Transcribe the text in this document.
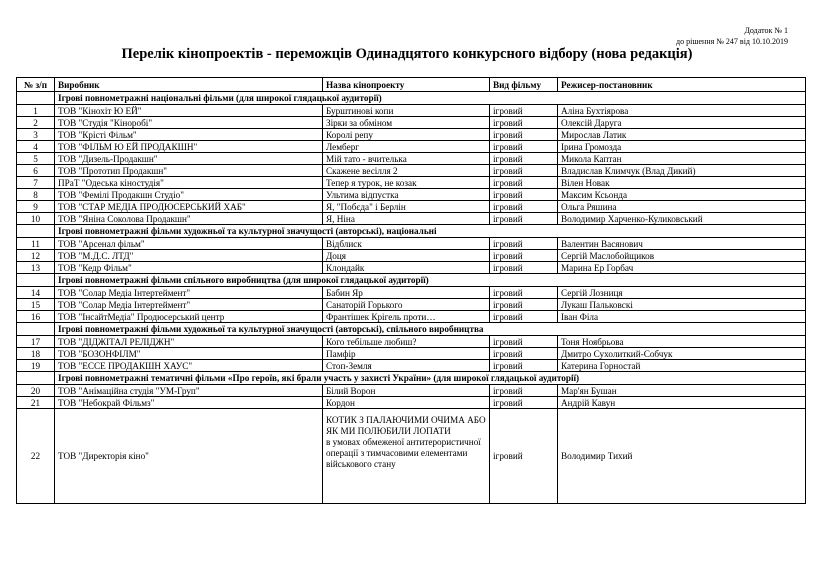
Додаток № 1
до рішення № 247 від 10.10.2019
Перелік кінопроектів - переможців Одинадцятого конкурсного відбору (нова редакція)
№ з/п	Виробник	Назва кінопроекту	Вид фільму	Режисер-постановник
	Ігрові повнометражні національні фільми (для широкої глядацької аудиторії)			
1	ТОВ "Кінохіт Ю ЕЙ"	Бурштинові копи	ігровий	Аліна Бухтіярова
2	ТОВ "Студія "Кіноробі"	Зірки за обміном	ігровий	Олексій Даруга
3	ТОВ "Крісті Фільм"	Королі репу	ігровий	Мирослав Латик
4	ТОВ "ФІЛЬМ Ю ЕЙ ПРОДАКШН"	Лемберг	ігровий	Ірина Громозда
5	ТОВ "Дизель-Продакшн"	Мій тато - вчителька	ігровий	Микола Каптан
6	ТОВ "Прототип Продакшн"	Скажене весілля 2	ігровий	Владислав Климчук (Влад Дикий)
7	ПРаТ "Одеська кіностудія"	Тепер я турок, не козак	ігровий	Вілен Новак
8	ТОВ "Фемілі Продакшн Студіо"	Ультима відпустка	ігровий	Максим Ксьонда
9	ТОВ "СТАР МЕДІА ПРОДЮСЕРСЬКИЙ ХАБ"	Я, "Побєда" і Берлін	ігровий	Ольга Ряшина
10	ТОВ "Яніна Соколова Продакшн"	Я, Ніна	ігровий	Володимир Харченко-Куликовський
	Ігрові повнометражні фільми художньої та культурної значущості (авторські), національні			
11	ТОВ "Арсенал фільм"	Відблиск	ігровий	Валентин Васянович
12	ТОВ "М.Д.С. ЛТД"	Доця	ігровий	Сергій Маслобойщиков
13	ТОВ "Кедр Фільм"	Клондайк	ігровий	Марина Ер Горбач
	Ігрові повнометражні фільми спільного виробництва (для широкої глядацької аудиторії)			
14	ТОВ "Солар Медіа Інтертеймент"	Бабин Яр	ігровий	Сергій Лозниця
15	ТОВ "Солар Медіа Інтертеймент"	Санаторій Горького	ігровий	Лукаш Пальковскі
16	ТОВ "ІнсайтМедіа" Продюсерський центр	Франтішек Крігель проти…	ігровий	Іван Філа
	Ігрові повнометражні фільми художньої та культурної значущості (авторські), спільного виробництва			
17	ТОВ "ДІДЖІТАЛ РЕЛІДЖН"	Кого тебільше любиш?	ігровий	Тоня Ноябрьова
18	ТОВ "БОЗОНФІЛМ"	Памфір	ігровий	Дмитро Сухолиткий-Собчук
19	ТОВ "ЕССЕ ПРОДАКШН ХАУС"	Стоп-Земля	ігровий	Катерина Горностай
	Ігрові повнометражні тематичні фільми «Про героїв, які брали участь у захисті України» (для широкої глядацької аудиторії)			
20	ТОВ "Анімаційна студія "УМ-Груп"	Білий Ворон	ігровий	Мар'ян Бушан
21	ТОВ "Небокрай Фільмз"	Кордон	ігровий	Андрій Кавун
22	ТОВ "Директорія кіно"	КОТИК З ПАЛАЮЧИМИ ОЧИМА АБО ЯК МИ ПОЛЮБИЛИ ЛОПАТИ
в умовах обмеженої антитерористичної операції з тимчасовими елементами військового стану	ігровий	Володимир Тихий
